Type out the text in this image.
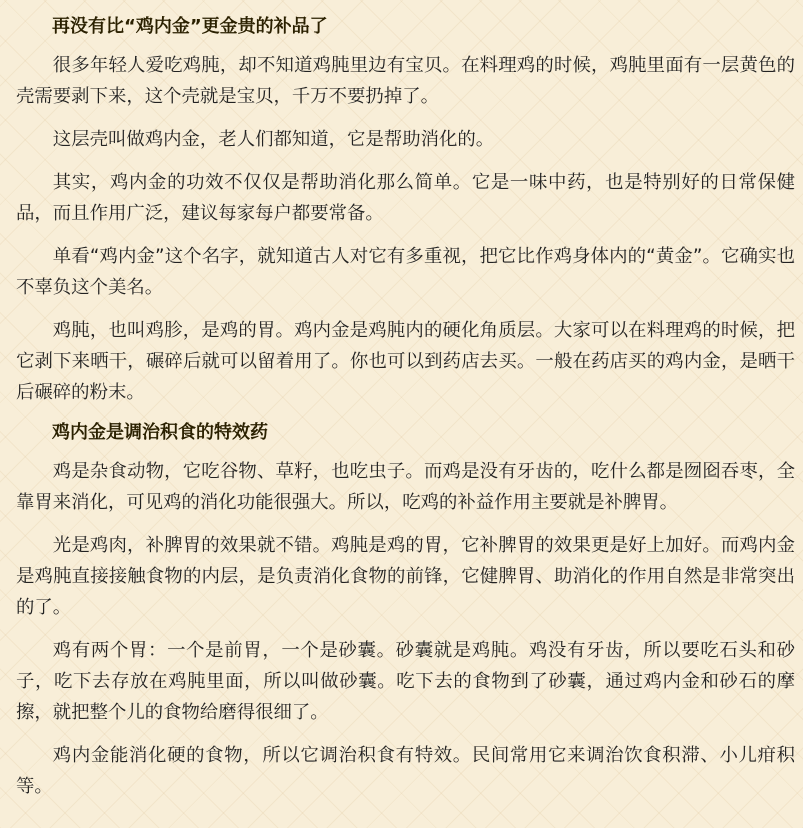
再没有比“鸡内金”更金贵的补品了

很多年轻人爱吃鸡肫，却不知道鸡肫里边有宝贝。在料理鸡的时候，鸡肫里面有一层黄色的壳需要剥下来，这个壳就是宝贝，千万不要扔掉了。

这层壳叫做鸡内金，老人们都知道，它是帮助消化的。

其实，鸡内金的功效不仅仅是帮助消化那么简单。它是一味中药，也是特别好的日常保健品，而且作用广泛，建议每家每户都要常备。

单看“鸡内金”这个名字，就知道古人对它有多重视，把它比作鸡身体内的“黄金”。它确实也不辜负这个美名。

鸡肫，也叫鸡胗，是鸡的胃。鸡内金是鸡肫内的硬化角质层。大家可以在料理鸡的时候，把它剥下来晒干，碾碎后就可以留着用了。你也可以到药店去买。一般在药店买的鸡内金，是晒干后碾碎的粉末。

鸡内金是调治积食的特效药

鸡是杂食动物，它吃谷物、草籽，也吃虫子。而鸡是没有牙齿的，吃什么都是囫囵吞枣，全靠胃来消化，可见鸡的消化功能很强大。所以，吃鸡的补益作用主要就是补脾胃。

光是鸡肉，补脾胃的效果就不错。鸡肫是鸡的胃，它补脾胃的效果更是好上加好。而鸡内金是鸡肫直接接触食物的内层，是负责消化食物的前锋，它健脾胃、助消化的作用自然是非常突出的了。

鸡有两个胃：一个是前胃，一个是砂囊。砂囊就是鸡肫。鸡没有牙齿，所以要吃石头和砂子，吃下去存放在鸡肫里面，所以叫做砂囊。吃下去的食物到了砂囊，通过鸡内金和砂石的摩擦，就把整个儿的食物给磨得很细了。

鸡内金能消化硬的食物，所以它调治积食有特效。民间常用它来调治饮食积滞、小儿疳积等。
